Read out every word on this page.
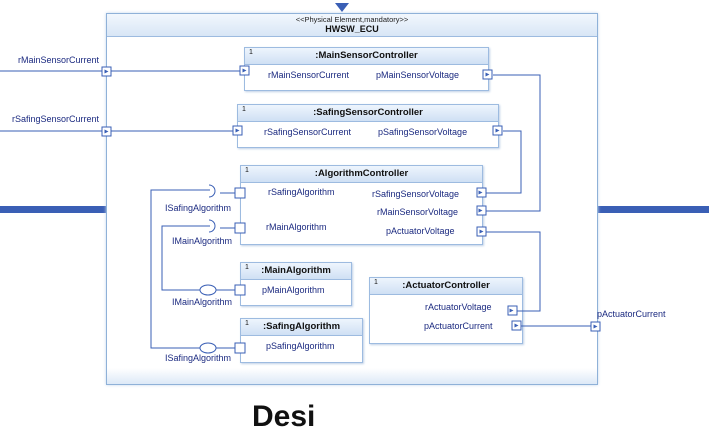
<<Physical Element,mandatory>>
HWSW_ECU
1	:MainSensorController
1	:SafingSensorController
1	:AlgorithmController
1	:MainAlgorithm
1	:SafingAlgorithm
1	:ActuatorController
rMainSensorCurrent	pMainSensorVoltage
rSafingSensorCurrent	pSafingSensorVoltage
rSafingAlgorithm
rMainAlgorithm
rSafingSensorVoltage
rMainSensorVoltage
pActuatorVoltage
pMainAlgorithm
pSafingAlgorithm
rActuatorVoltage
pActuatorCurrent
ISafingAlgorithm
IMainAlgorithm
IMainAlgorithm
ISafingAlgorithm
rMainSensorCurrent
rSafingSensorCurrent
pActuatorCurrent
Desi
